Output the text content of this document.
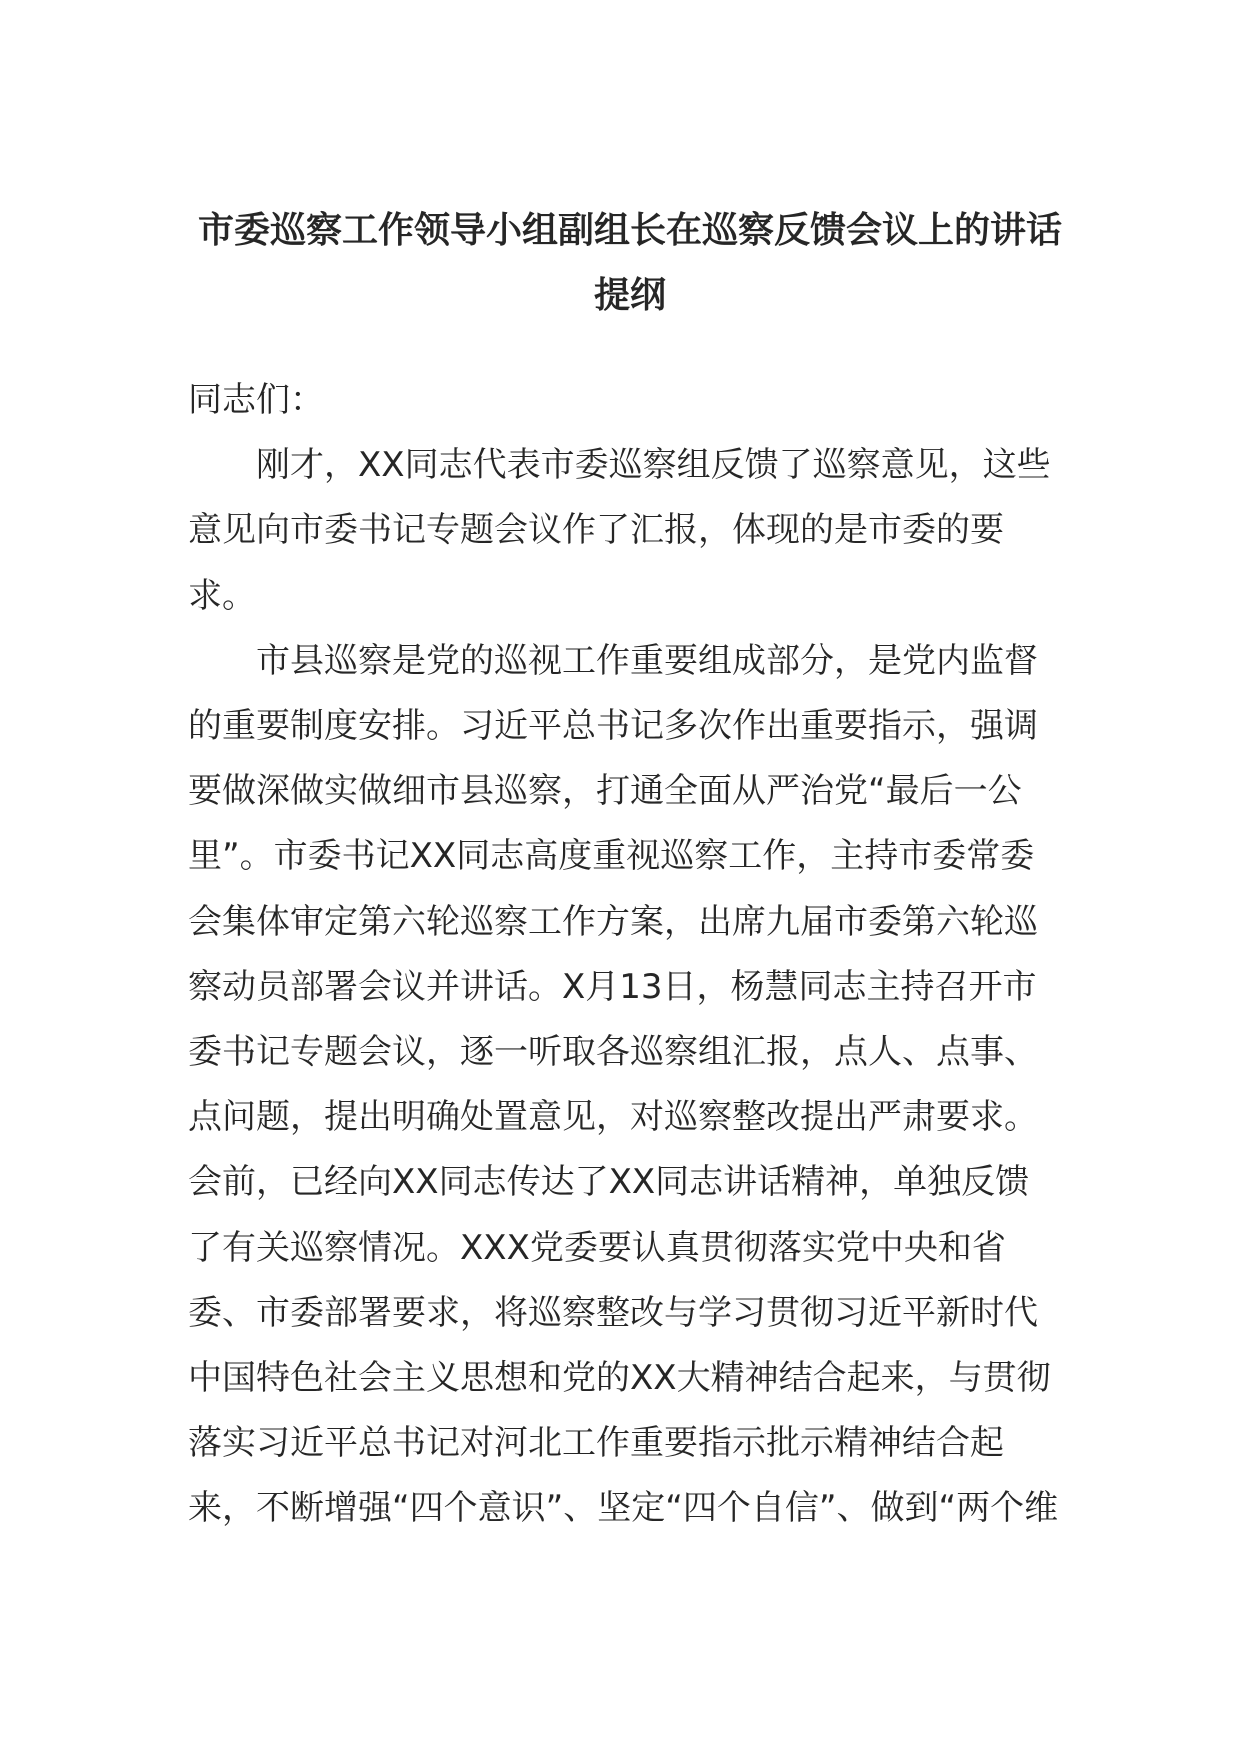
市委巡察工作领导小组副组长在巡察反馈会议上的讲话提纲

同志们：

刚才，XX同志代表市委巡察组反馈了巡察意见，这些意见向市委书记专题会议作了汇报，体现的是市委的要求。

市县巡察是党的巡视工作重要组成部分，是党内监督的重要制度安排。习近平总书记多次作出重要指示，强调要做深做实做细市县巡察，打通全面从严治党“最后一公里”。市委书记XX同志高度重视巡察工作，主持市委常委会集体审定第六轮巡察工作方案，出席九届市委第六轮巡察动员部署会议并讲话。X月13日，杨慧同志主持召开市委书记专题会议，逐一听取各巡察组汇报，点人、点事、点问题，提出明确处置意见，对巡察整改提出严肃要求。会前，已经向XX同志传达了XX同志讲话精神，单独反馈了有关巡察情况。XXX党委要认真贯彻落实党中央和省委、市委部署要求，将巡察整改与学习贯彻习近平新时代中国特色社会主义思想和党的XX大精神结合起来，与贯彻落实习近平总书记对河北工作重要指示批示精神结合起来，不断增强“四个意识”、坚定“四个自信”、做到“两个维
